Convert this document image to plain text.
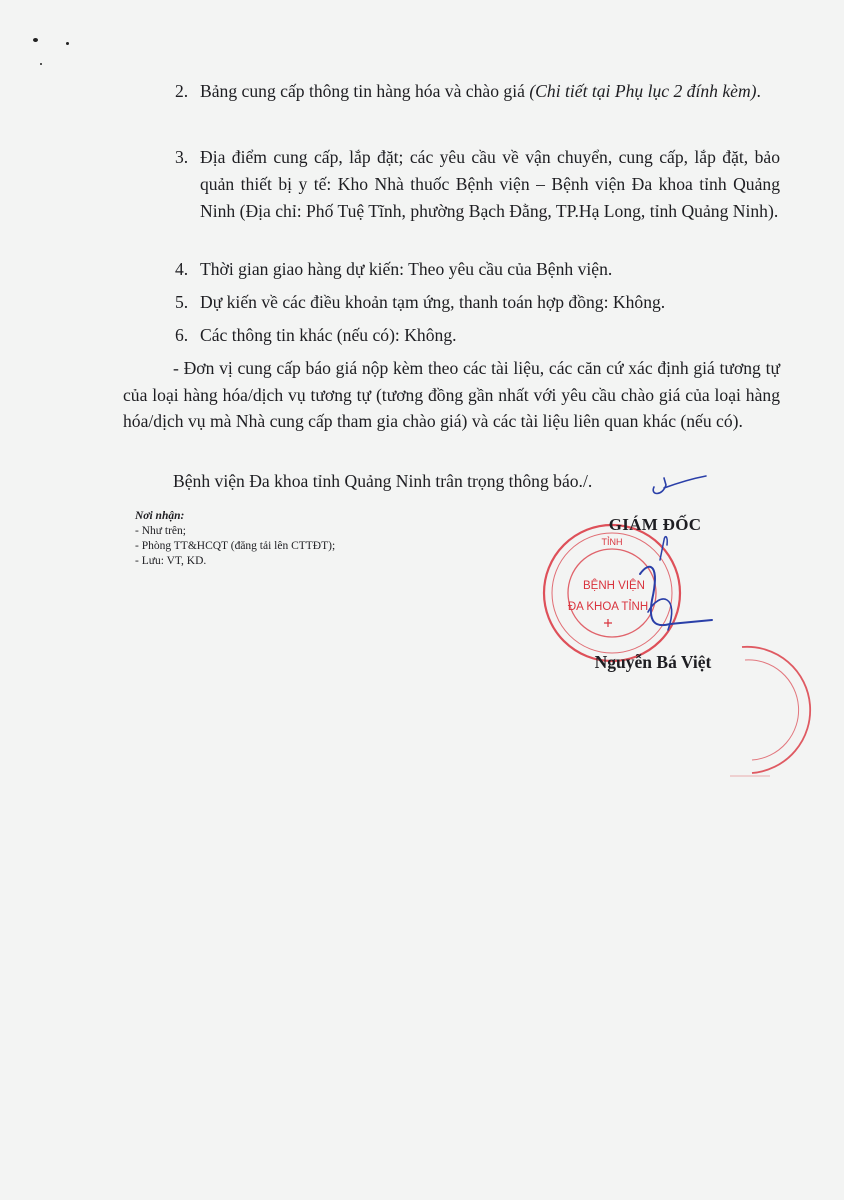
2. Bảng cung cấp thông tin hàng hóa và chào giá (Chi tiết tại Phụ lục 2 đính kèm).
3. Địa điểm cung cấp, lắp đặt; các yêu cầu về vận chuyển, cung cấp, lắp đặt, bảo quản thiết bị y tế: Kho Nhà thuốc Bệnh viện – Bệnh viện Đa khoa tỉnh Quảng Ninh (Địa chỉ: Phố Tuệ Tĩnh, phường Bạch Đằng, TP.Hạ Long, tỉnh Quảng Ninh).
4. Thời gian giao hàng dự kiến: Theo yêu cầu của Bệnh viện.
5. Dự kiến về các điều khoản tạm ứng, thanh toán hợp đồng: Không.
6. Các thông tin khác (nếu có): Không.
- Đơn vị cung cấp báo giá nộp kèm theo các tài liệu, các căn cứ xác định giá tương tự của loại hàng hóa/dịch vụ tương tự (tương đồng gần nhất với yêu cầu chào giá của loại hàng hóa/dịch vụ mà Nhà cung cấp tham gia chào giá) và các tài liệu liên quan khác (nếu có).
Bệnh viện Đa khoa tỉnh Quảng Ninh trân trọng thông báo./.
Nơi nhận:
- Như trên;
- Phòng TT&HCQT (đăng tải lên CTTĐT);
- Lưu: VT, KD.
TỈNH
BỆNH VIỆN
ĐA KHOA TỈNH
GIÁM ĐỐC
Nguyễn Bá Việt
